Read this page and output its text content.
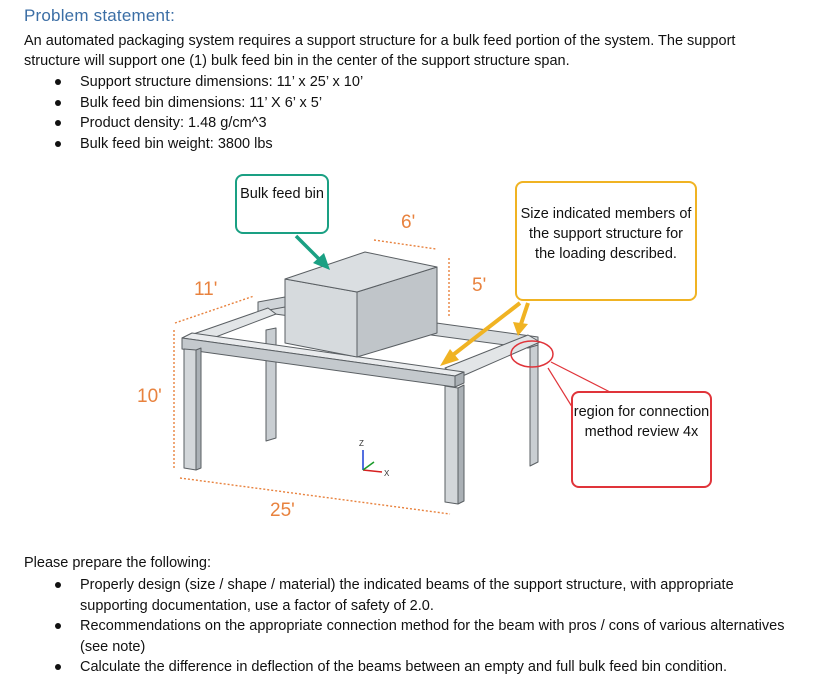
Problem statement:

An automated packaging system requires a support structure for a bulk feed portion of the system. The support structure will support one (1) bulk feed bin in the center of the support structure span.

Support structure dimensions: 11’ x 25’ x 10’
Bulk feed bin dimensions: 11’ X 6’ x 5’
Product density: 1.48 g/cm^3
Bulk feed bin weight: 3800 lbs
Z
X
Bulk feed bin
Size indicated members of the support structure for the loading described.
region for connection method review 4x
6'
5'
11'
10'
25'
Please prepare the following:
Properly design (size / shape / material) the indicated beams of the support structure, with appropriate supporting documentation, use a factor of safety of 2.0.
Recommendations on the appropriate connection method for the beam with pros / cons of various alternatives (see note)
Calculate the difference in deflection of the beams between an empty and full bulk feed bin condition.
